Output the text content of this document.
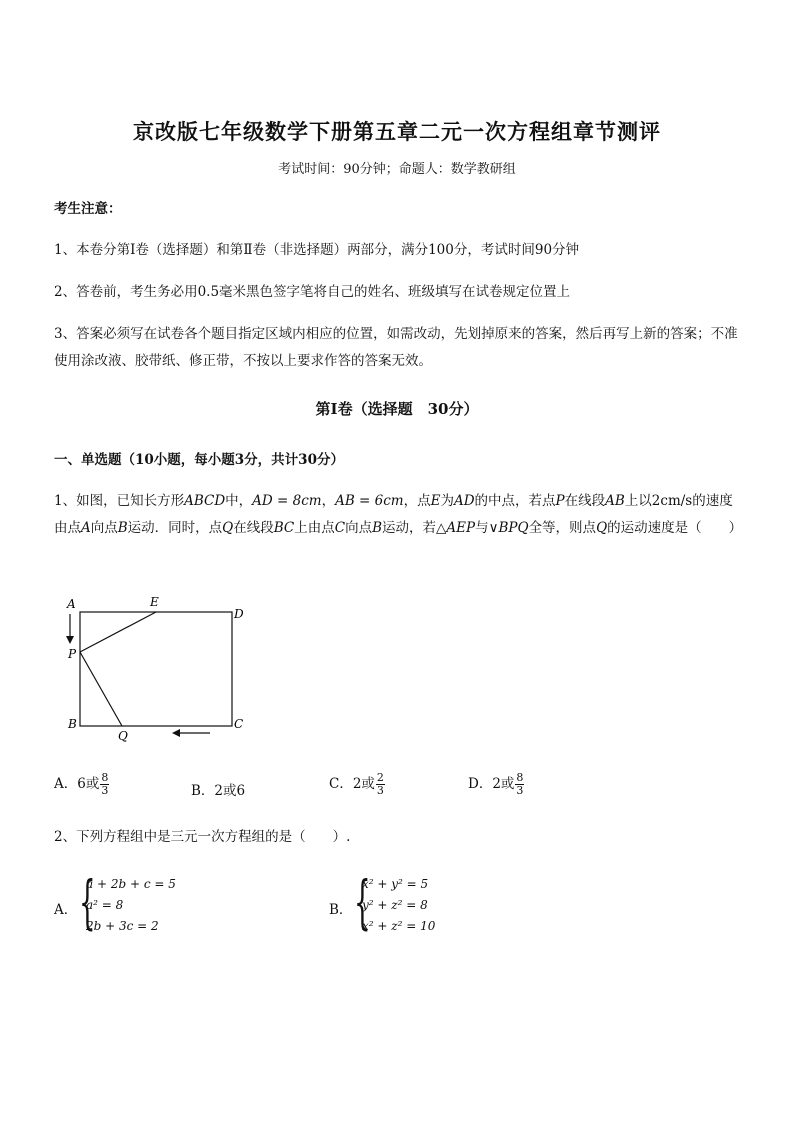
京改版七年级数学下册第五章二元一次方程组章节测评
考试时间：90分钟；命题人：数学教研组
考生注意：
1、本卷分第Ⅰ卷（选择题）和第Ⅱ卷（非选择题）两部分，满分100分，考试时间90分钟
2、答卷前，考生务必用0.5毫米黑色签字笔将自己的姓名、班级填写在试卷规定位置上
3、答案必须写在试卷各个题目指定区域内相应的位置，如需改动，先划掉原来的答案，然后再写上新的答案；不准使用涂改液、胶带纸、修正带，不按以上要求作答的答案无效。
第Ⅰ卷（选择题　30分）
一、单选题（10小题，每小题3分，共计30分）
1、如图，已知长方形ABCD中，AD = 8cm，AB = 6cm，点E为AD的中点，若点P在线段AB上以2cm/s的速度由点A向点B运动．同时，点Q在线段BC上由点C向点B运动，若△AEP与∨BPQ全等，则点Q的运动速度是（　　）
A	E
D
P
B
Q
C
A．6或 $\frac{8}{3}$	B．2或6	C．2或 $\frac{2}{3}$	D．2或 $\frac{8}{3}$
2、下列方程组中是三元一次方程组的是（　　）.
A． {
a + 2b + c = 5
a² = 8
2b + 3c = 2
B． {
x² + y² = 5
y² + z² = 8
x² + z² = 10
